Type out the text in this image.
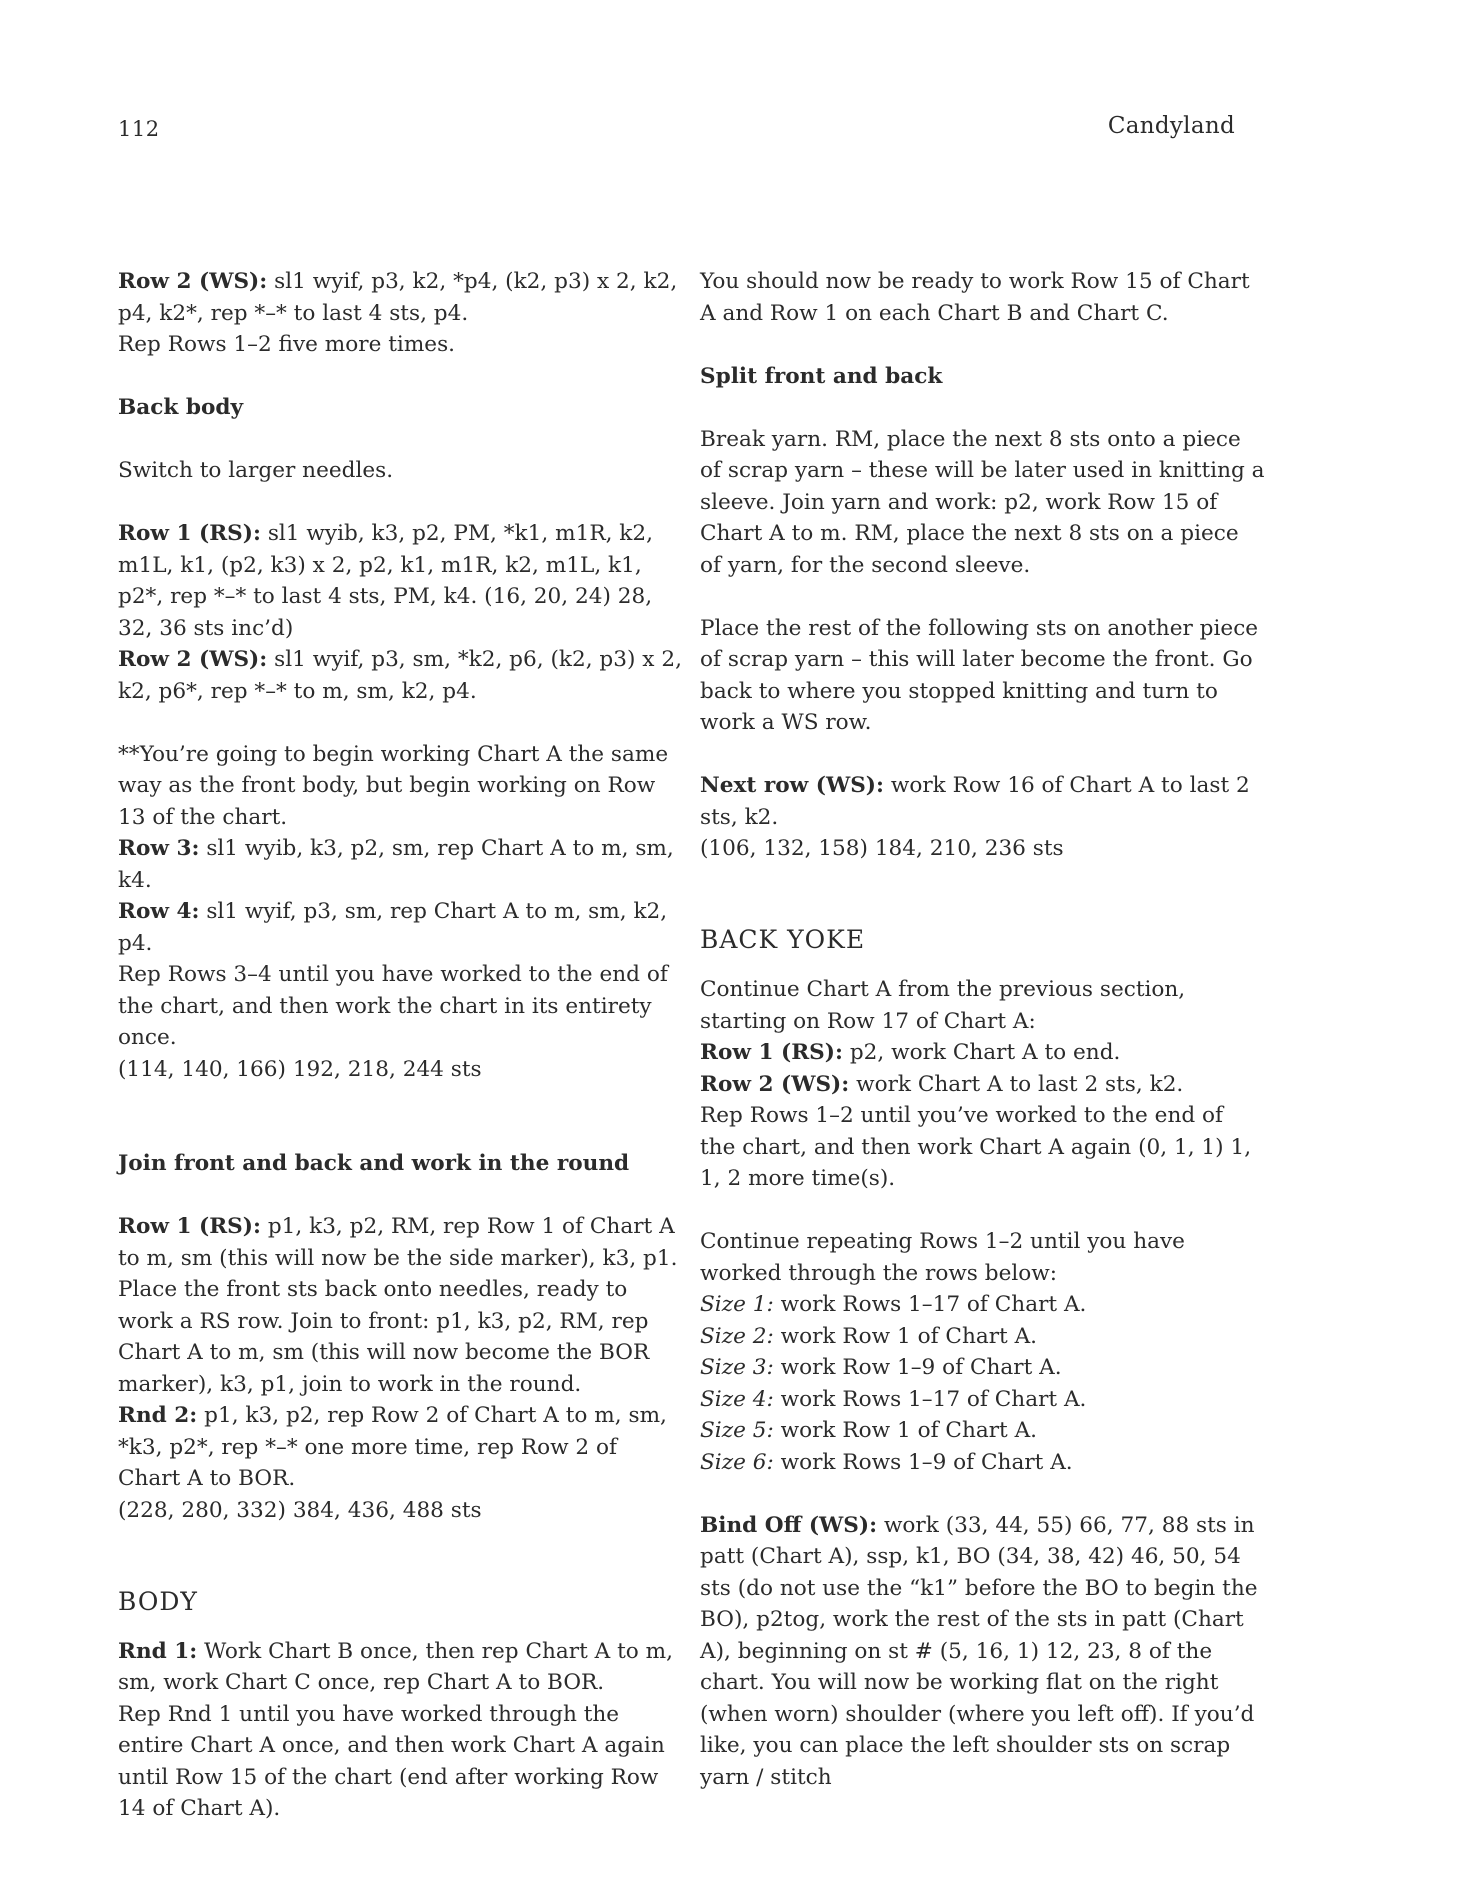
112	Candyland

Row 2 (WS): sl1 wyif, p3, k2, *p4, (k2, p3) x 2, k2, p4, k2*, rep *–* to last 4 sts, p4.

Rep Rows 1–2 five more times.

Back body

Switch to larger needles.

Row 1 (RS): sl1 wyib, k3, p2, PM, *k1, m1R, k2, m1L, k1, (p2, k3) x 2, p2, k1, m1R, k2, m1L, k1, p2*, rep *–* to last 4 sts, PM, k4. (16, 20, 24) 28, 32, 36 sts inc’d)

Row 2 (WS): sl1 wyif, p3, sm, *k2, p6, (k2, p3) x 2, k2, p6*, rep *–* to m, sm, k2, p4.

**You’re going to begin working Chart A the same way as the front body, but begin working on Row 13 of the chart.

Row 3: sl1 wyib, k3, p2, sm, rep Chart A to m, sm, k4.

Row 4: sl1 wyif, p3, sm, rep Chart A to m, sm, k2, p4.

Rep Rows 3–4 until you have worked to the end of the chart, and then work the chart in its entirety once.

(114, 140, 166) 192, 218, 244 sts

Join front and back and work in the round

Row 1 (RS): p1, k3, p2, RM, rep Row 1 of Chart A to m, sm (this will now be the side marker), k3, p1. Place the front sts back onto needles, ready to work a RS row. Join to front: p1, k3, p2, RM, rep Chart A to m, sm (this will now become the BOR marker), k3, p1, join to work in the round.

Rnd 2: p1, k3, p2, rep Row 2 of Chart A to m, sm, *k3, p2*, rep *–* one more time, rep Row 2 of Chart A to BOR.

(228, 280, 332) 384, 436, 488 sts

BODY

Rnd 1: Work Chart B once, then rep Chart A to m, sm, work Chart C once, rep Chart A to BOR.

Rep Rnd 1 until you have worked through the entire Chart A once, and then work Chart A again until Row 15 of the chart (end after working Row 14 of Chart A).

You should now be ready to work Row 15 of Chart A and Row 1 on each Chart B and Chart C.

Split front and back

Break yarn. RM, place the next 8 sts onto a piece of scrap yarn – these will be later used in knitting a sleeve. Join yarn and work: p2, work Row 15 of Chart A to m. RM, place the next 8 sts on a piece of yarn, for the second sleeve.

Place the rest of the following sts on another piece of scrap yarn – this will later become the front. Go back to where you stopped knitting and turn to work a WS row.

Next row (WS): work Row 16 of Chart A to last 2 sts, k2.

(106, 132, 158) 184, 210, 236 sts

BACK YOKE

Continue Chart A from the previous section, starting on Row 17 of Chart A:

Row 1 (RS): p2, work Chart A to end.

Row 2 (WS): work Chart A to last 2 sts, k2.

Rep Rows 1–2 until you’ve worked to the end of the chart, and then work Chart A again (0, 1, 1) 1, 1, 2 more time(s).

Continue repeating Rows 1–2 until you have worked through the rows below:

Size 1: work Rows 1–17 of Chart A.

Size 2: work Row 1 of Chart A.

Size 3: work Row 1–9 of Chart A.

Size 4: work Rows 1–17 of Chart A.

Size 5: work Row 1 of Chart A.

Size 6: work Rows 1–9 of Chart A.

Bind Off (WS): work (33, 44, 55) 66, 77, 88 sts in patt (Chart A), ssp, k1, BO (34, 38, 42) 46, 50, 54 sts (do not use the “k1” before the BO to begin the BO), p2tog, work the rest of the sts in patt (Chart A), beginning on st # (5, 16, 1) 12, 23, 8 of the chart. You will now be working flat on the right (when worn) shoulder (where you left off). If you’d like, you can place the left shoulder sts on scrap yarn / stitch
